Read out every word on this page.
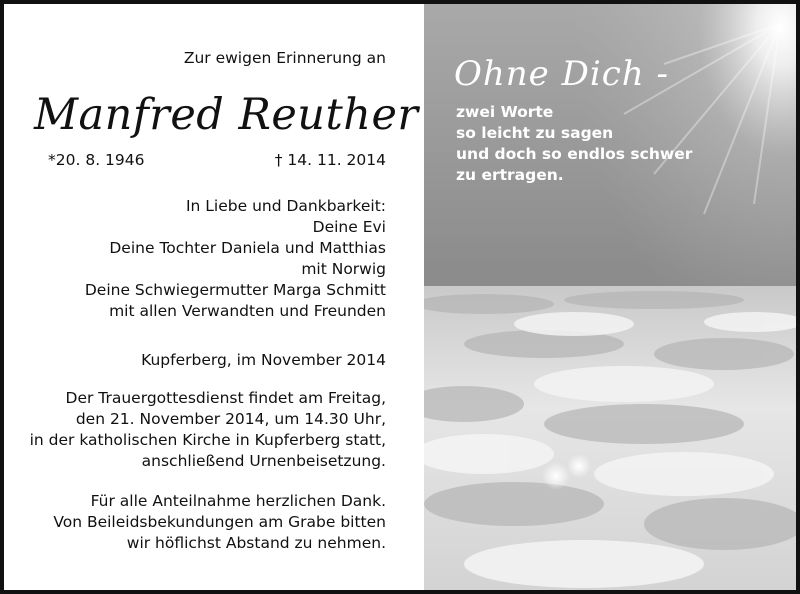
Zur ewigen Erinnerung an
Manfred Reuther
*20. 8. 1946	† 14. 11. 2014
In Liebe und Dankbarkeit:
Deine Evi
Deine Tochter Daniela und Matthias
mit Norwig
Deine Schwiegermutter Marga Schmitt
mit allen Verwandten und Freunden
Kupferberg, im November 2014
Der Trauergottesdienst findet am Freitag,
den 21. November 2014, um 14.30 Uhr,
in der katholischen Kirche in Kupferberg statt,
anschließend Urnenbeisetzung.
Für alle Anteilnahme herzlichen Dank.
Von Beileidsbekundungen am Grabe bitten
wir höflichst Abstand zu nehmen.
Ohne Dich -
zwei Worte
so leicht zu sagen
und doch so endlos schwer
zu ertragen.
